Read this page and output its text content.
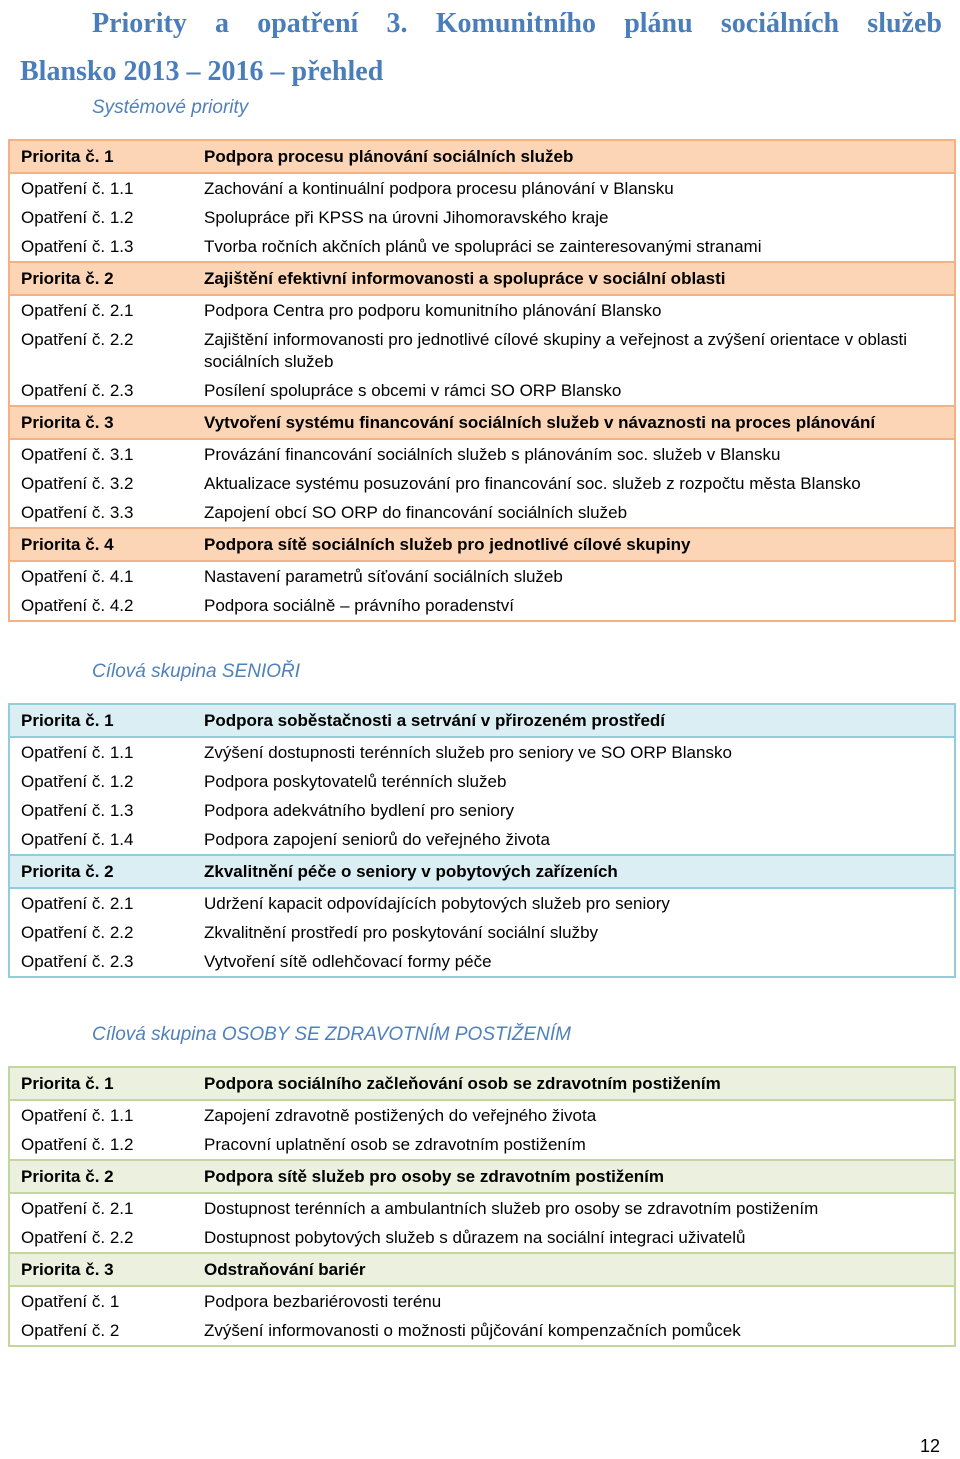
Priority a opatření 3. Komunitního plánu sociálních služeb
Blansko 2013 – 2016 – přehled
Systémové priority
Priorita č. 1	Podpora procesu plánování sociálních služeb
Opatření č. 1.1	Zachování a kontinuální podpora procesu plánování v Blansku
Opatření č. 1.2	Spolupráce při KPSS na úrovni Jihomoravského kraje
Opatření č. 1.3	Tvorba ročních akčních plánů ve spolupráci se zainteresovanými stranami
Priorita č. 2	Zajištění efektivní informovanosti a spolupráce v sociální oblasti
Opatření č. 2.1	Podpora Centra pro podporu komunitního plánování Blansko
Opatření č. 2.2	Zajištění informovanosti pro jednotlivé cílové skupiny a veřejnost a zvýšení orientace v oblasti sociálních služeb
Opatření č. 2.3	Posílení spolupráce s obcemi v rámci SO ORP Blansko
Priorita č. 3	Vytvoření systému financování sociálních služeb v návaznosti na proces plánování
Opatření č. 3.1	Provázání financování sociálních služeb s plánováním soc. služeb v Blansku
Opatření č. 3.2	Aktualizace systému posuzování pro financování soc. služeb z rozpočtu města Blansko
Opatření č. 3.3	Zapojení obcí SO ORP do financování sociálních služeb
Priorita č. 4	Podpora sítě sociálních služeb pro jednotlivé cílové skupiny
Opatření č. 4.1	Nastavení parametrů síťování sociálních služeb
Opatření č. 4.2	Podpora sociálně – právního poradenství
Cílová skupina SENIOŘI
Priorita č. 1	Podpora soběstačnosti a setrvání v přirozeném prostředí
Opatření č. 1.1	Zvýšení dostupnosti terénních služeb pro seniory ve SO ORP Blansko
Opatření č. 1.2	Podpora poskytovatelů terénních služeb
Opatření č. 1.3	Podpora adekvátního bydlení pro seniory
Opatření č. 1.4	Podpora zapojení seniorů do veřejného života
Priorita č. 2	Zkvalitnění péče o seniory v pobytových zařízeních
Opatření č. 2.1	Udržení kapacit odpovídajících pobytových služeb pro seniory
Opatření č. 2.2	Zkvalitnění prostředí pro poskytování sociální služby
Opatření č. 2.3	Vytvoření sítě odlehčovací formy péče
Cílová skupina OSOBY SE ZDRAVOTNÍM POSTIŽENÍM
Priorita č. 1	Podpora sociálního začleňování osob se zdravotním postižením
Opatření č. 1.1	Zapojení zdravotně postižených do veřejného života
Opatření č. 1.2	Pracovní uplatnění osob se zdravotním postižením
Priorita č. 2	Podpora sítě služeb pro osoby se zdravotním postižením
Opatření č. 2.1	Dostupnost terénních a ambulantních služeb pro osoby se zdravotním postižením
Opatření č. 2.2	Dostupnost pobytových služeb s důrazem na sociální integraci uživatelů
Priorita č. 3	Odstraňování bariér
Opatření č. 1	Podpora bezbariérovosti terénu
Opatření č. 2	Zvýšení informovanosti o možnosti půjčování kompenzačních pomůcek
12
